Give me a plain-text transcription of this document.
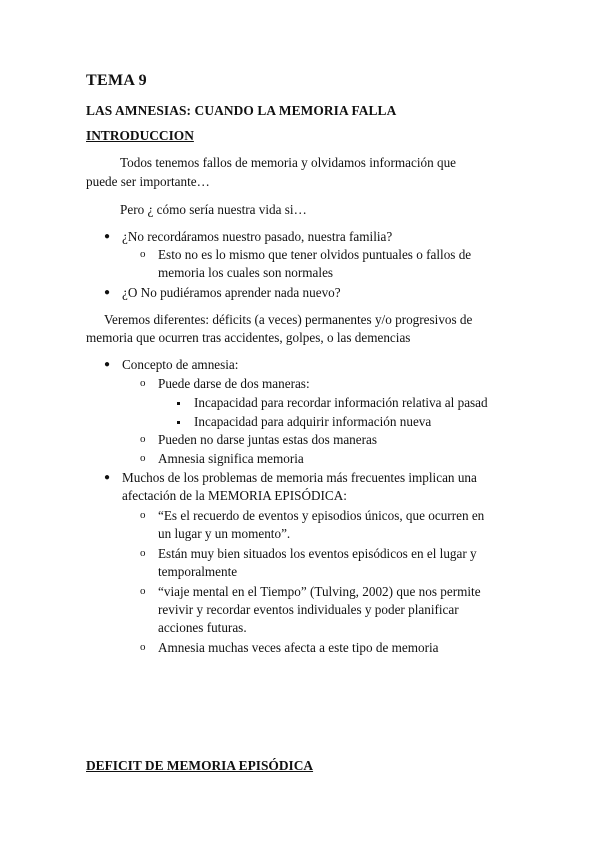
TEMA 9
LAS AMNESIAS: CUANDO LA MEMORIA FALLA
INTRODUCCION
Todos tenemos fallos de memoria y olvidamos información que
puede ser importante…
Pero ¿ cómo sería nuestra vida si…
● ¿No recordáramos nuestro pasado, nuestra familia?
o Esto no es lo mismo que tener olvidos puntuales o fallos de
memoria los cuales son normales
● ¿O No pudiéramos aprender nada nuevo?
Veremos diferentes: déficits (a veces) permanentes y/o progresivos de
memoria que ocurren tras accidentes, golpes, o las demencias
● Concepto de amnesia:
o Puede darse de dos maneras:
Incapacidad para recordar información relativa al pasad
Incapacidad para adquirir información nueva
o Pueden no darse juntas estas dos maneras
o Amnesia significa memoria
● Muchos de los problemas de memoria más frecuentes implican una
afectación de la MEMORIA EPISÓDICA:
o “Es el recuerdo de eventos y episodios únicos, que ocurren en
un lugar y un momento”.
o Están muy bien situados los eventos episódicos en el lugar y
temporalmente
o “viaje mental en el Tiempo” (Tulving, 2002) que nos permite
revivir y recordar eventos individuales y poder planificar
acciones futuras.
o Amnesia muchas veces afecta a este tipo de memoria
DEFICIT DE MEMORIA EPISÓDICA
